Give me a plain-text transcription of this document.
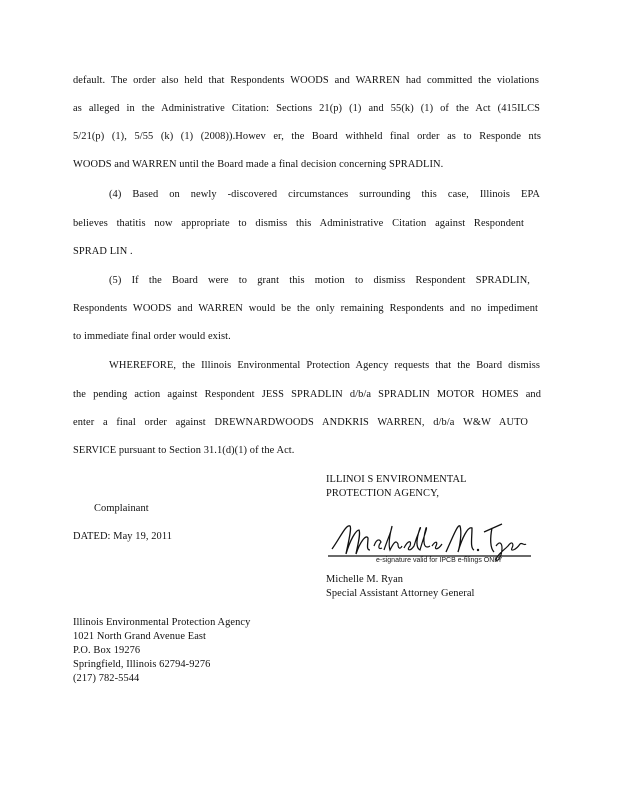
default. The order also held that Respondents WOODS and WARREN had committed the violations
as alleged in the Administrative Citation: Sections 21(p) (1) and 55(k) (1) of the Act (415ILCS
5/21(p) (1), 5/55 (k) (1) (2008)).Howev er, the Board withheld final order as to Responde nts
WOODS and WARREN until the Board made a final decision concerning SPRADLIN.
(4) Based on newly -discovered circumstances surrounding this case, Illinois EPA
believes thatitis now appropriate to dismiss this Administrative Citation against Respondent
SPRAD LIN .
(5) If the Board were to grant this motion to dismiss Respondent SPRADLIN,
Respondents WOODS and WARREN would be the only remaining Respondents and no impediment
to immediate final order would exist.
WHEREFORE, the Illinois Environmental Protection Agency requests that the Board dismiss
the pending action against Respondent JESS SPRADLIN d/b/a SPRADLIN MOTOR HOMES and
enter a final order against DREWNARDWOODS ANDKRIS WARREN, d/b/a W&W AUTO
SERVICE pursuant to Section 31.1(d)(1) of the Act.
ILLINOI S ENVIRONMENTAL
PROTECTION AGENCY,
Complainant
DATED: May 19, 2011
e-signature valid for IPCB e-filings ONLY
Michelle M. Ryan
Special Assistant Attorney General
Illinois Environmental Protection Agency
1021 North Grand Avenue East
P.O. Box 19276
Springfield, Illinois 62794-9276
(217) 782-5544
